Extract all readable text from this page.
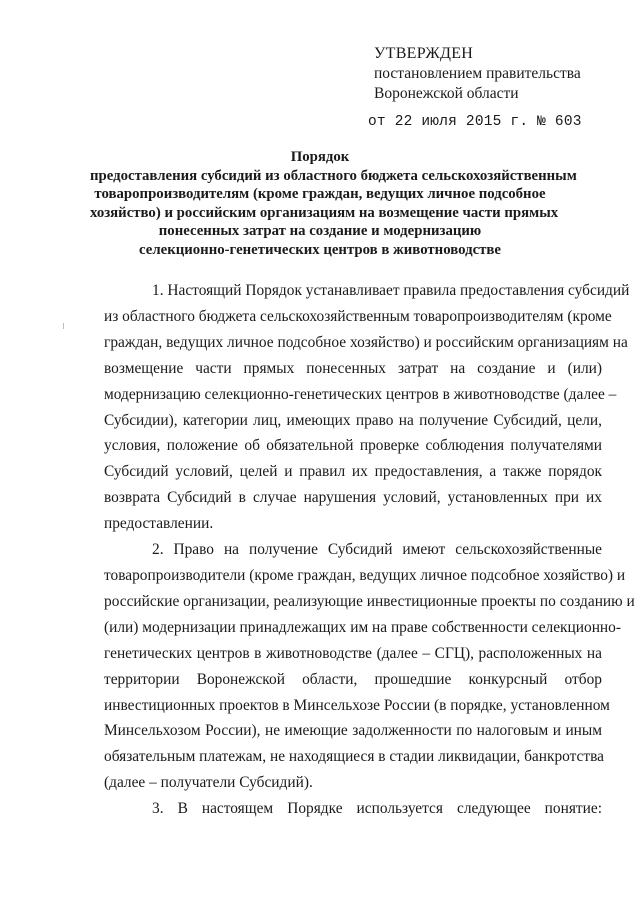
УТВЕРЖДЕН
постановлением правительства
Воронежской области
от 22 июля 2015 г. № 603
Порядок
предоставления субсидий из областного бюджета сельскохозяйственным
товаропроизводителям (кроме граждан, ведущих личное подсобное
хозяйство) и российским организациям на возмещение части прямых
понесенных затрат на создание и модернизацию
селекционно-генетических центров в животноводстве
1. Настоящий Порядок устанавливает правила предоставления субсидий
из областного бюджета сельскохозяйственным товаропроизводителям (кроме
граждан, ведущих личное подсобное хозяйство) и российским организациям на
возмещение части прямых понесенных затрат на создание и (или)
модернизацию селекционно-генетических центров в животноводстве (далее –
Субсидии), категории лиц, имеющих право на получение Субсидий, цели,
условия, положение об обязательной проверке соблюдения получателями
Субсидий условий, целей и правил их предоставления, а также порядок
возврата Субсидий в случае нарушения условий, установленных при их
предоставлении.
2. Право на получение Субсидий имеют сельскохозяйственные
товаропроизводители (кроме граждан, ведущих личное подсобное хозяйство) и
российские организации, реализующие инвестиционные проекты по созданию и
(или) модернизации принадлежащих им на праве собственности селекционно-
генетических центров в животноводстве (далее – СГЦ), расположенных на
территории Воронежской области, прошедшие конкурсный отбор
инвестиционных проектов в Минсельхозе России (в порядке, установленном
Минсельхозом России), не имеющие задолженности по налоговым и иным
обязательным платежам, не находящиеся в стадии ликвидации, банкротства
(далее – получатели Субсидий).
3. В настоящем Порядке используется следующее понятие:
